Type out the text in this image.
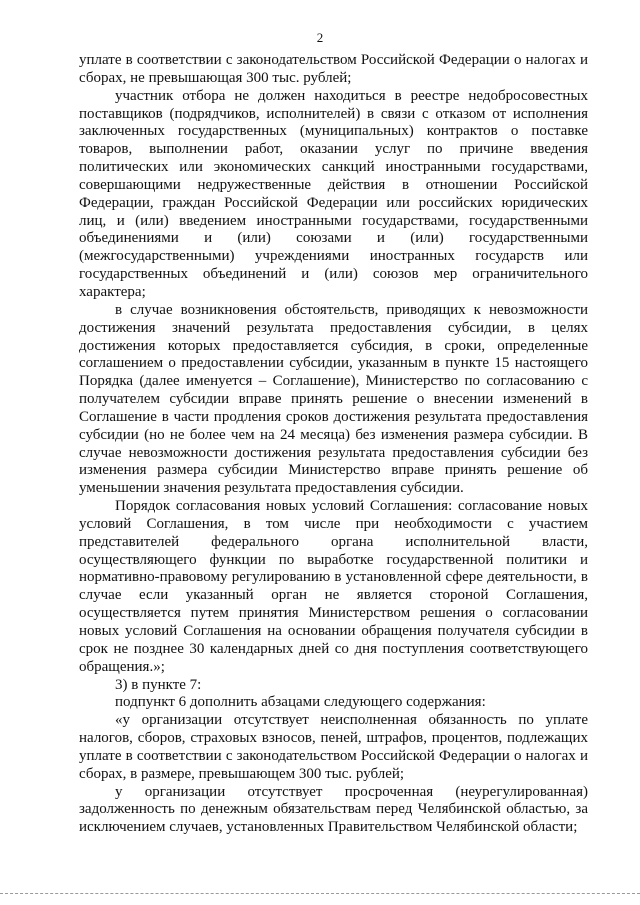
2

уплате в соответствии с законодательством Российской Федерации о налогах и сборах, не превышающая 300 тыс. рублей;

участник отбора не должен находиться в реестре недобросовестных поставщиков (подрядчиков, исполнителей) в связи с отказом от исполнения заключенных государственных (муниципальных) контрактов о поставке товаров, выполнении работ, оказании услуг по причине введения политических или экономических санкций иностранными государствами, совершающими недружественные действия в отношении Российской Федерации, граждан Российской Федерации или российских юридических лиц, и (или) введением иностранными государствами, государственными объединениями и (или) союзами и (или) государственными (межгосударственными) учреждениями иностранных государств или государственных объединений и (или) союзов мер ограничительного характера;

в случае возникновения обстоятельств, приводящих к невозможности достижения значений результата предоставления субсидии, в целях достижения которых предоставляется субсидия, в сроки, определенные соглашением о предоставлении субсидии, указанным в пункте 15 настоящего Порядка (далее именуется – Соглашение), Министерство по согласованию с получателем субсидии вправе принять решение о внесении изменений в Соглашение в части продления сроков достижения результата предоставления субсидии (но не более чем на 24 месяца) без изменения размера субсидии. В случае невозможности достижения результата предоставления субсидии без изменения размера субсидии Министерство вправе принять решение об уменьшении значения результата предоставления субсидии.

Порядок согласования новых условий Соглашения: согласование новых условий Соглашения, в том числе при необходимости с участием представителей федерального органа исполнительной власти, осуществляющего функции по выработке государственной политики и нормативно-правовому регулированию в установленной сфере деятельности, в случае если указанный орган не является стороной Соглашения, осуществляется путем принятия Министерством решения о согласовании новых условий Соглашения на основании обращения получателя субсидии в срок не позднее 30 календарных дней со дня поступления соответствующего обращения.»;

3) в пункте 7:

подпункт 6 дополнить абзацами следующего содержания:

«у организации отсутствует неисполненная обязанность по уплате налогов, сборов, страховых взносов, пеней, штрафов, процентов, подлежащих уплате в соответствии с законодательством Российской Федерации о налогах и сборах, в размере, превышающем 300 тыс. рублей;

у организации отсутствует просроченная (неурегулированная) задолженность по денежным обязательствам перед Челябинской областью, за исключением случаев, установленных Правительством Челябинской области;
